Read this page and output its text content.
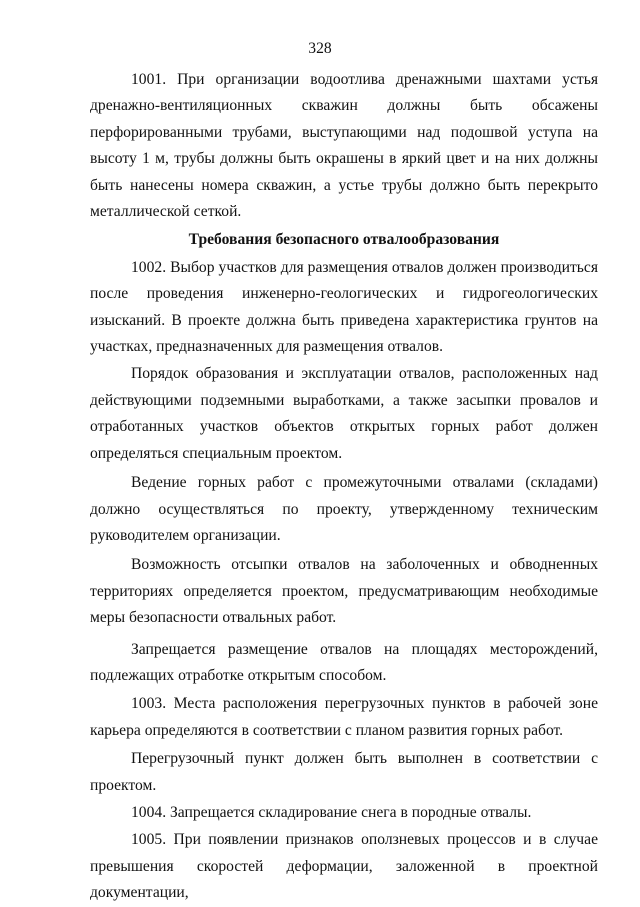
328

1001. При организации водоотлива дренажными шахтами устья дренажно-вентиляционных скважин должны быть обсажены перфорированными трубами, выступающими над подошвой уступа на высоту 1 м, трубы должны быть окрашены в яркий цвет и на них должны быть нанесены номера скважин, а устье трубы должно быть перекрыто металлической сеткой.

Требования безопасного отвалообразования

1002. Выбор участков для размещения отвалов должен производиться после проведения инженерно-геологических и гидрогеологических изысканий. В проекте должна быть приведена характеристика грунтов на участках, предназначенных для размещения отвалов.

Порядок образования и эксплуатации отвалов, расположенных над действующими подземными выработками, а также засыпки провалов и отработанных участков объектов открытых горных работ должен определяться специальным проектом.

Ведение горных работ с промежуточными отвалами (складами) должно осуществляться по проекту, утвержденному техническим руководителем организации.

Возможность отсыпки отвалов на заболоченных и обводненных территориях определяется проектом, предусматривающим необходимые меры безопасности отвальных работ.

Запрещается размещение отвалов на площадях месторождений, подлежащих отработке открытым способом.

1003. Места расположения перегрузочных пунктов в рабочей зоне карьера определяются в соответствии с планом развития горных работ.

Перегрузочный пункт должен быть выполнен в соответствии с проектом.

1004. Запрещается складирование снега в породные отвалы.

1005. При появлении признаков оползневых процессов и в случае превышения скоростей деформации, заложенной в проектной документации,
